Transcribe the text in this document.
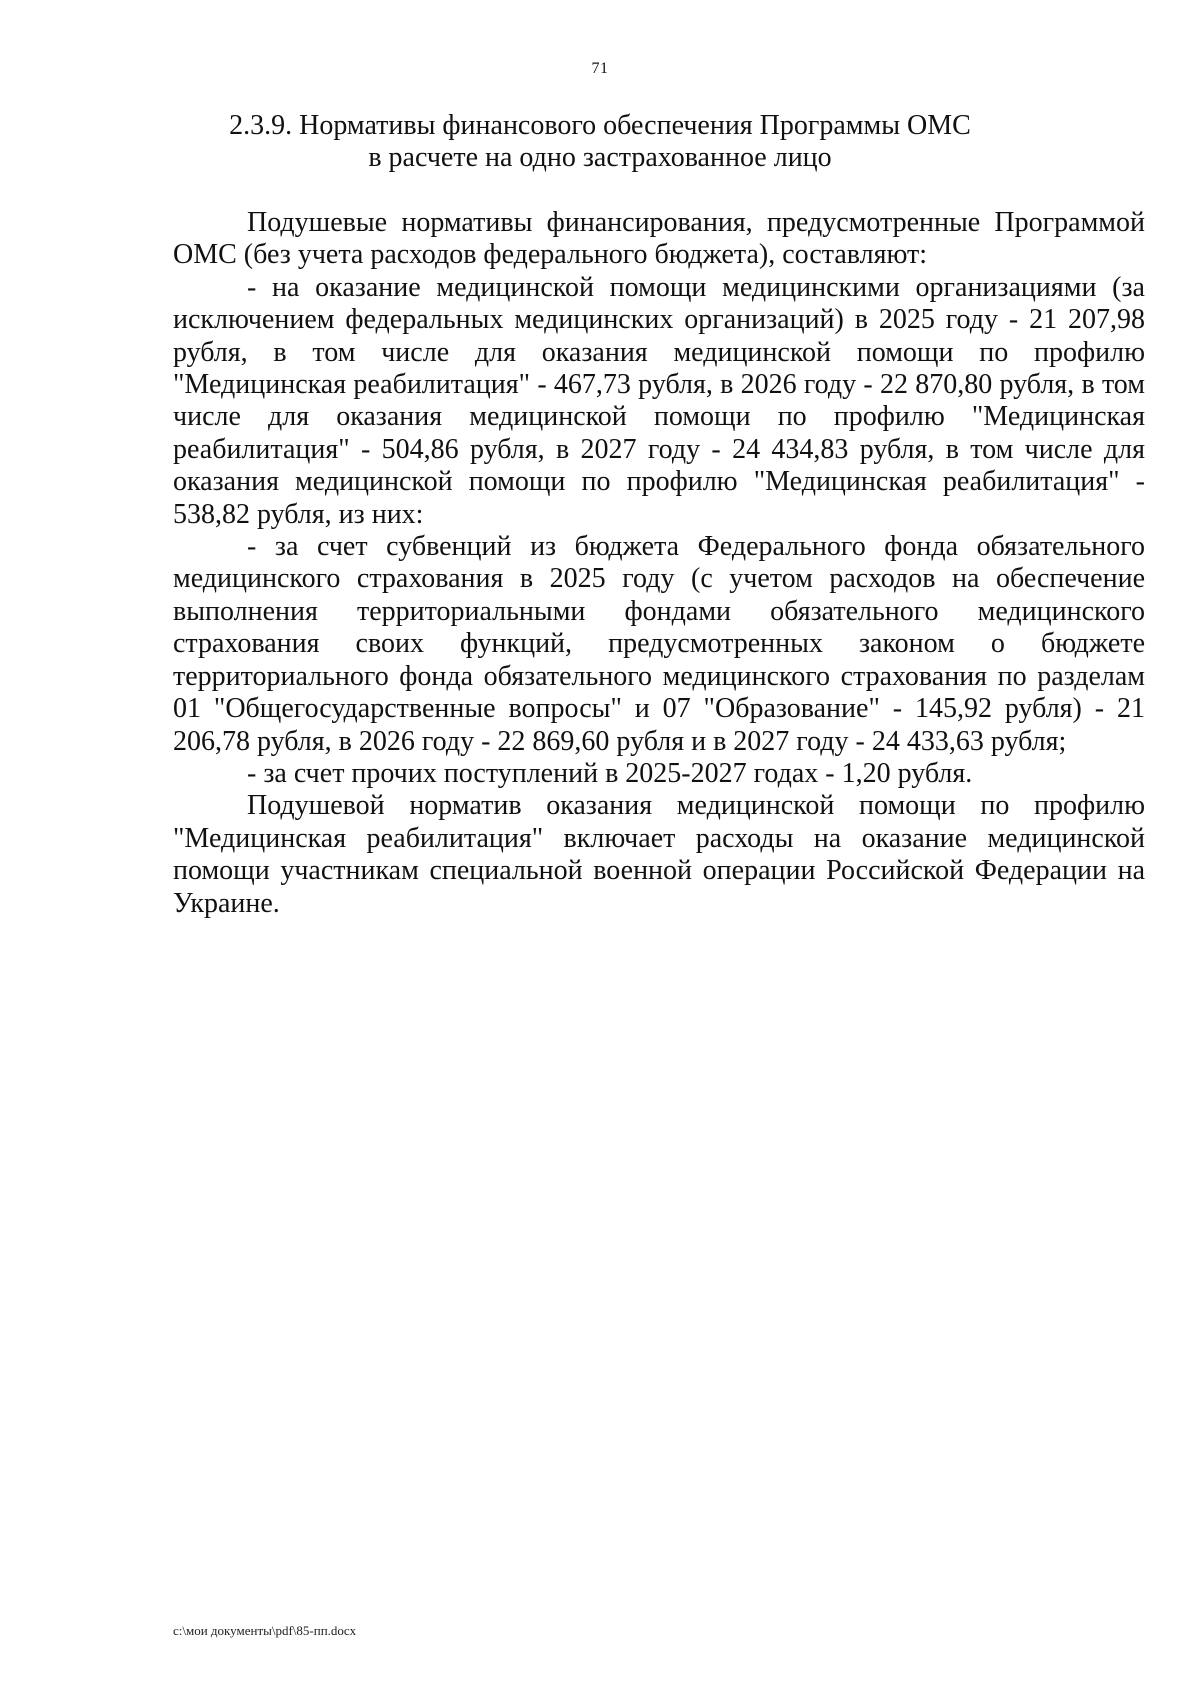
71
2.3.9. Нормативы финансового обеспечения Программы ОМС
в расчете на одно застрахованное лицо

Подушевые нормативы финансирования, предусмотренные Программой ОМС (без учета расходов федерального бюджета), составляют:

- на оказание медицинской помощи медицинскими организациями (за исключением федеральных медицинских организаций) в 2025 году - 21 207,98 рубля, в том числе для оказания медицинской помощи по профилю "Медицинская реабилитация" - 467,73 рубля, в 2026 году - 22 870,80 рубля, в том числе для оказания медицинской помощи по профилю "Медицинская реабилитация" - 504,86 рубля, в 2027 году - 24 434,83 рубля, в том числе для оказания медицинской помощи по профилю "Медицинская реабилитация" - 538,82 рубля, из них:

- за счет субвенций из бюджета Федерального фонда обязательного медицинского страхования в 2025 году (с учетом расходов на обеспечение выполнения территориальными фондами обязательного медицинского страхования своих функций, предусмотренных законом о бюджете территориального фонда обязательного медицинского страхования по разделам 01 "Общегосударственные вопросы" и 07 "Образование" - 145,92 рубля) - 21 206,78 рубля, в 2026 году - 22 869,60 рубля и в 2027 году - 24 433,63 рубля;

- за счет прочих поступлений в 2025-2027 годах - 1,20 рубля.

Подушевой норматив оказания медицинской помощи по профилю "Медицинская реабилитация" включает расходы на оказание медицинской помощи участникам специальной военной операции Российской Федерации на Украине.

c:\мои документы\pdf\85-пп.docx
